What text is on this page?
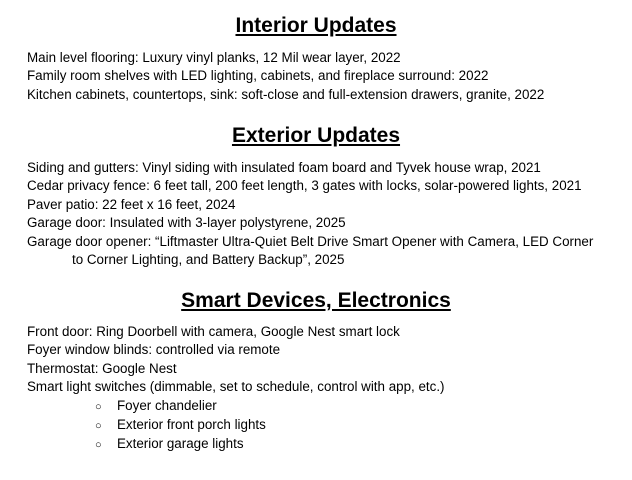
Interior Updates
Main level flooring: Luxury vinyl planks, 12 Mil wear layer, 2022
Family room shelves with LED lighting, cabinets, and fireplace surround: 2022
Kitchen cabinets, countertops, sink: soft-close and full-extension drawers, granite, 2022
Exterior Updates
Siding and gutters: Vinyl siding with insulated foam board and Tyvek house wrap, 2021
Cedar privacy fence: 6 feet tall, 200 feet length, 3 gates with locks, solar-powered lights, 2021
Paver patio: 22 feet x 16 feet, 2024
Garage door: Insulated with 3-layer polystyrene, 2025
Garage door opener: “Liftmaster Ultra-Quiet Belt Drive Smart Opener with Camera, LED Corner
to Corner Lighting, and Battery Backup”, 2025
Smart Devices, Electronics
Front door: Ring Doorbell with camera, Google Nest smart lock
Foyer window blinds: controlled via remote
Thermostat: Google Nest
Smart light switches (dimmable, set to schedule, control with app, etc.)
○ Foyer chandelier
○ Exterior front porch lights
○ Exterior garage lights
